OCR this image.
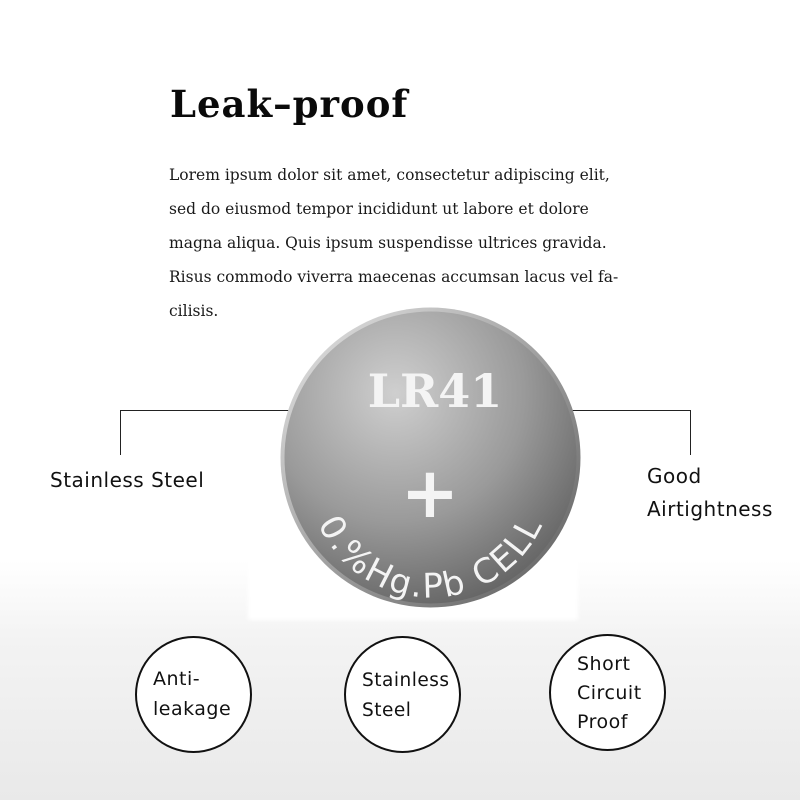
Leak–proof
Lorem ipsum dolor sit amet, consectetur adipiscing elit,
sed do eiusmod tempor incididunt ut labore et dolore
magna aliqua. Quis ipsum suspendisse ultrices gravida.
Risus commodo viverra maecenas accumsan lacus vel fa-
cilisis.
Stainless Steel	Good
Airtightness
LR41
+
0.%Hg.Pb CELL
Anti-
leakage
Stainless
Steel
Short
Circuit
Proof
